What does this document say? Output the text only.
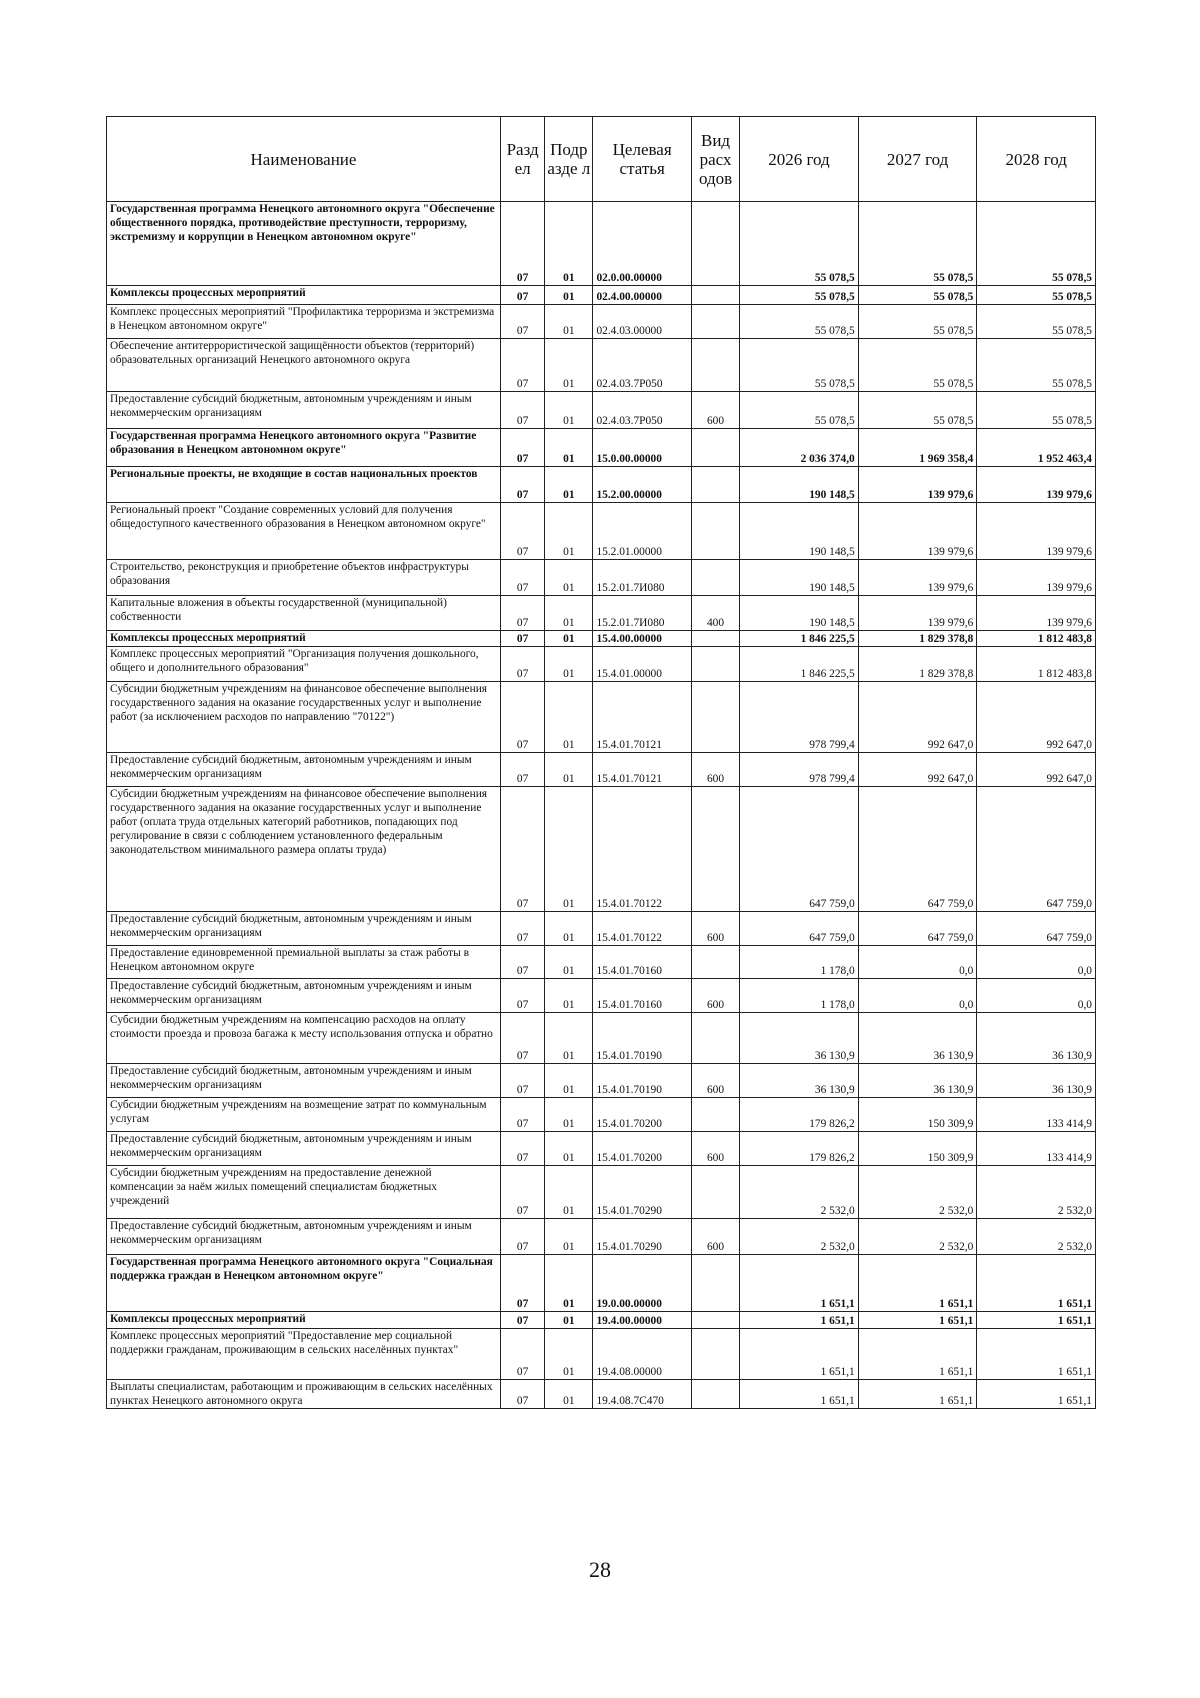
Наименование	Разд ел	Подр азде л	Целевая статья	Вид расх одов	2026 год	2027 год	2028 год

Государственная программа Ненецкого автономного округа "Обеспечение общественного порядка, противодействие преступности, терроризму, экстремизму и коррупции в Ненецком автономном округе"	07	01	02.0.00.00000		55 078,5	55 078,5	55 078,5

Комплексы процессных мероприятий	07	01	02.4.00.00000		55 078,5	55 078,5	55 078,5

Комплекс процессных мероприятий "Профилактика терроризма и экстремизма в Ненецком автономном округе"	07	01	02.4.03.00000		55 078,5	55 078,5	55 078,5

Обеспечение антитеррористической защищённости объектов (территорий) образовательных организаций Ненецкого автономного округа	07	01	02.4.03.7Р050		55 078,5	55 078,5	55 078,5

Предоставление субсидий бюджетным, автономным учреждениям и иным некоммерческим организациям	07	01	02.4.03.7Р050	600	55 078,5	55 078,5	55 078,5

Государственная программа Ненецкого автономного округа "Развитие образования в Ненецком автономном округе"	07	01	15.0.00.00000		2 036 374,0	1 969 358,4	1 952 463,4

Региональные проекты, не входящие в состав национальных проектов	07	01	15.2.00.00000		190 148,5	139 979,6	139 979,6

Региональный проект "Создание современных условий для получения общедоступного качественного образования в Ненецком автономном округе"	07	01	15.2.01.00000		190 148,5	139 979,6	139 979,6

Строительство, реконструкция и приобретение объектов инфраструктуры образования	07	01	15.2.01.7И080		190 148,5	139 979,6	139 979,6

Капитальные вложения в объекты государственной (муниципальной) собственности	07	01	15.2.01.7И080	400	190 148,5	139 979,6	139 979,6

Комплексы процессных мероприятий	07	01	15.4.00.00000		1 846 225,5	1 829 378,8	1 812 483,8

Комплекс процессных мероприятий "Организация получения дошкольного, общего и дополнительного образования"	07	01	15.4.01.00000		1 846 225,5	1 829 378,8	1 812 483,8

Субсидии бюджетным учреждениям на финансовое обеспечение выполнения государственного задания на оказание государственных услуг и выполнение работ (за исключением расходов по направлению "70122")	07	01	15.4.01.70121		978 799,4	992 647,0	992 647,0

Предоставление субсидий бюджетным, автономным учреждениям и иным некоммерческим организациям	07	01	15.4.01.70121	600	978 799,4	992 647,0	992 647,0

Субсидии бюджетным учреждениям на финансовое обеспечение выполнения государственного задания на оказание государственных услуг и выполнение работ (оплата труда отдельных категорий работников, попадающих под регулирование в связи с соблюдением установленного федеральным законодательством минимального размера оплаты труда)	07	01	15.4.01.70122		647 759,0	647 759,0	647 759,0

Предоставление субсидий бюджетным, автономным учреждениям и иным некоммерческим организациям	07	01	15.4.01.70122	600	647 759,0	647 759,0	647 759,0

Предоставление единовременной премиальной выплаты за стаж работы в Ненецком автономном округе	07	01	15.4.01.70160		1 178,0	0,0	0,0

Предоставление субсидий бюджетным, автономным учреждениям и иным некоммерческим организациям	07	01	15.4.01.70160	600	1 178,0	0,0	0,0

Субсидии бюджетным учреждениям на компенсацию расходов на оплату стоимости проезда и провоза багажа к месту использования отпуска и обратно	07	01	15.4.01.70190		36 130,9	36 130,9	36 130,9

Предоставление субсидий бюджетным, автономным учреждениям и иным некоммерческим организациям	07	01	15.4.01.70190	600	36 130,9	36 130,9	36 130,9

Субсидии бюджетным учреждениям на возмещение затрат по коммунальным услугам	07	01	15.4.01.70200		179 826,2	150 309,9	133 414,9

Предоставление субсидий бюджетным, автономным учреждениям и иным некоммерческим организациям	07	01	15.4.01.70200	600	179 826,2	150 309,9	133 414,9

Субсидии бюджетным учреждениям на предоставление денежной компенсации за наём жилых помещений специалистам бюджетных учреждений	07	01	15.4.01.70290		2 532,0	2 532,0	2 532,0

Предоставление субсидий бюджетным, автономным учреждениям и иным некоммерческим организациям	07	01	15.4.01.70290	600	2 532,0	2 532,0	2 532,0

Государственная программа Ненецкого автономного округа "Социальная поддержка граждан в Ненецком автономном округе"	07	01	19.0.00.00000		1 651,1	1 651,1	1 651,1

Комплексы процессных мероприятий	07	01	19.4.00.00000		1 651,1	1 651,1	1 651,1

Комплекс процессных мероприятий "Предоставление мер социальной поддержки гражданам, проживающим в сельских населённых пунктах"	07	01	19.4.08.00000		1 651,1	1 651,1	1 651,1

Выплаты специалистам, работающим и проживающим в сельских населённых пунктах Ненецкого автономного округа	07	01	19.4.08.7С470		1 651,1	1 651,1	1 651,1
28
